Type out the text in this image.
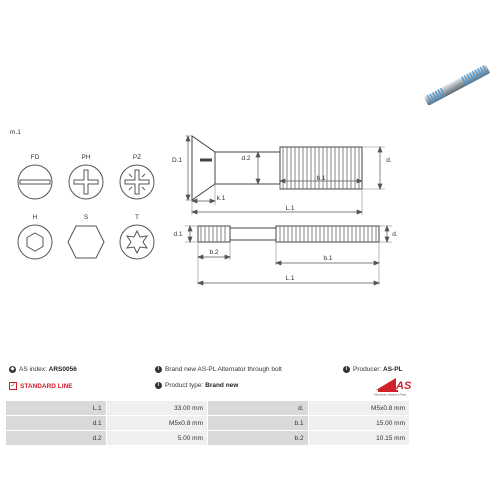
m.1
FD	PH	PZ
H	S	T
D.1	d.2	d.
b.1
k.1
L.1
d.1	d.
b.2
b.1
L.1
◆ AS index:
ARS0056	i Brand new AS-PL Alternator through bolt	i Producer:
AS-PL
✓ STANDARD LINE	i Product type:
Brand new	AS
Alternators, Starters & Parts
L.1	33.00 mm	d.	M5x0.8 mm
d.1	M5x0.8 mm	b.1	15.00 mm
d.2	5.00 mm	b.2	10.15 mm
